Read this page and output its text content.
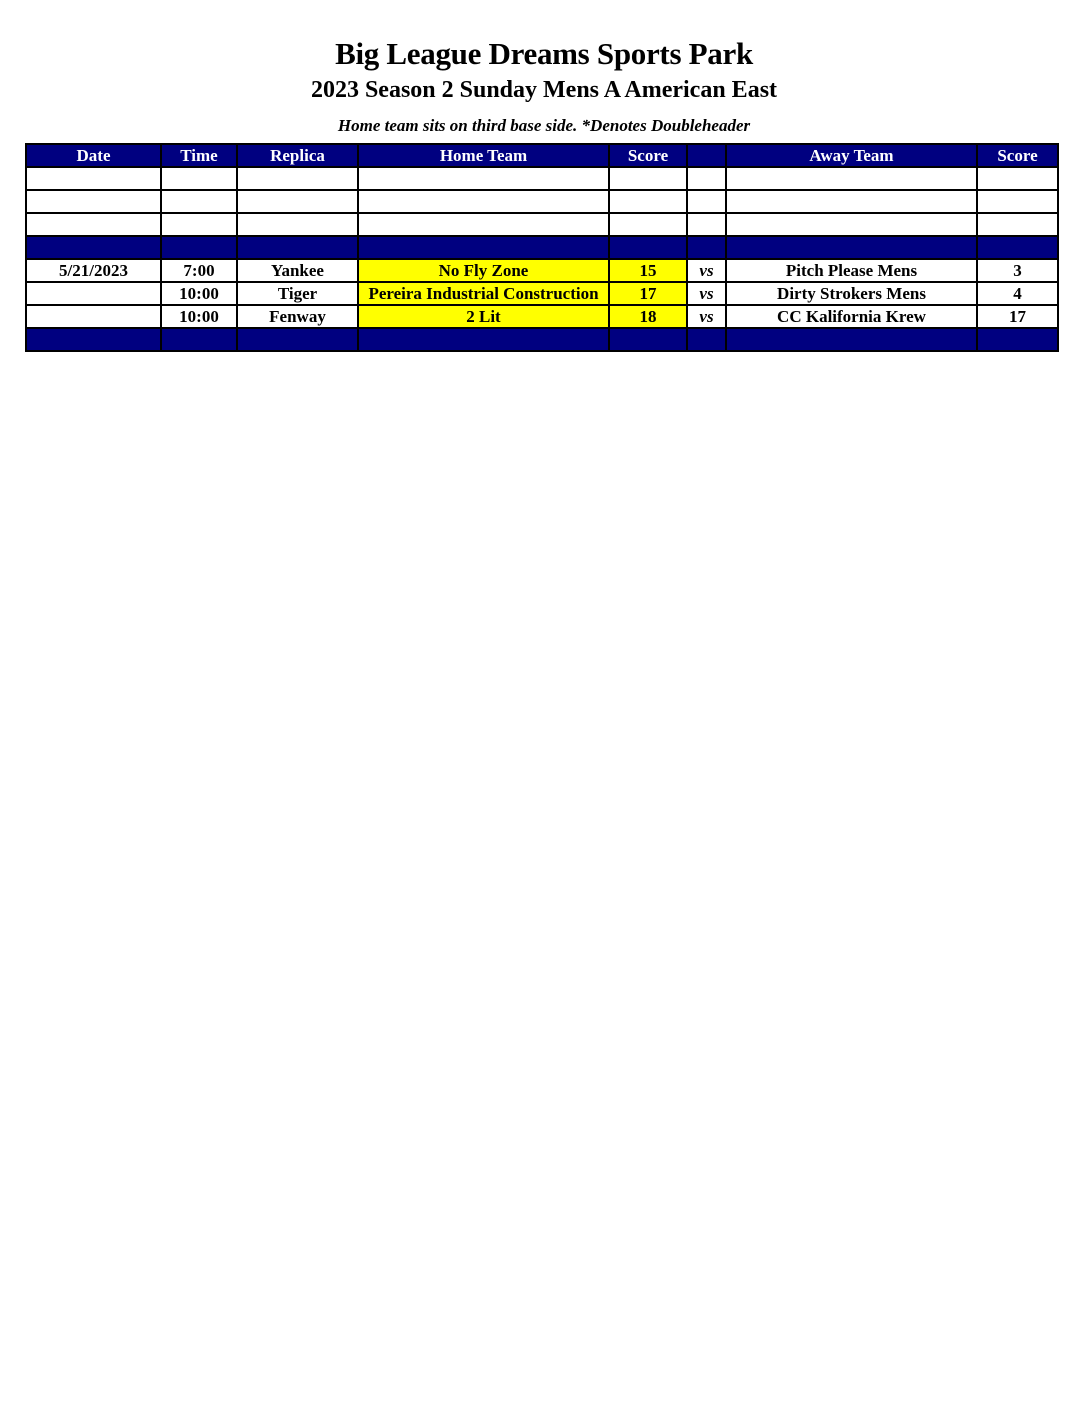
Big League Dreams Sports Park
2023 Season 2 Sunday Mens A American East
Home team sits on third base side. *Denotes Doubleheader
Date	Time	Replica	Home Team	Score		Away Team	Score

5/21/2023	7:00	Yankee	No Fly Zone	15	vs	Pitch Please Mens	3
	10:00	Tiger	Pereira Industrial Construction	17	vs	Dirty Strokers Mens	4
	10:00	Fenway	2 Lit	18	vs	CC Kalifornia Krew	17
